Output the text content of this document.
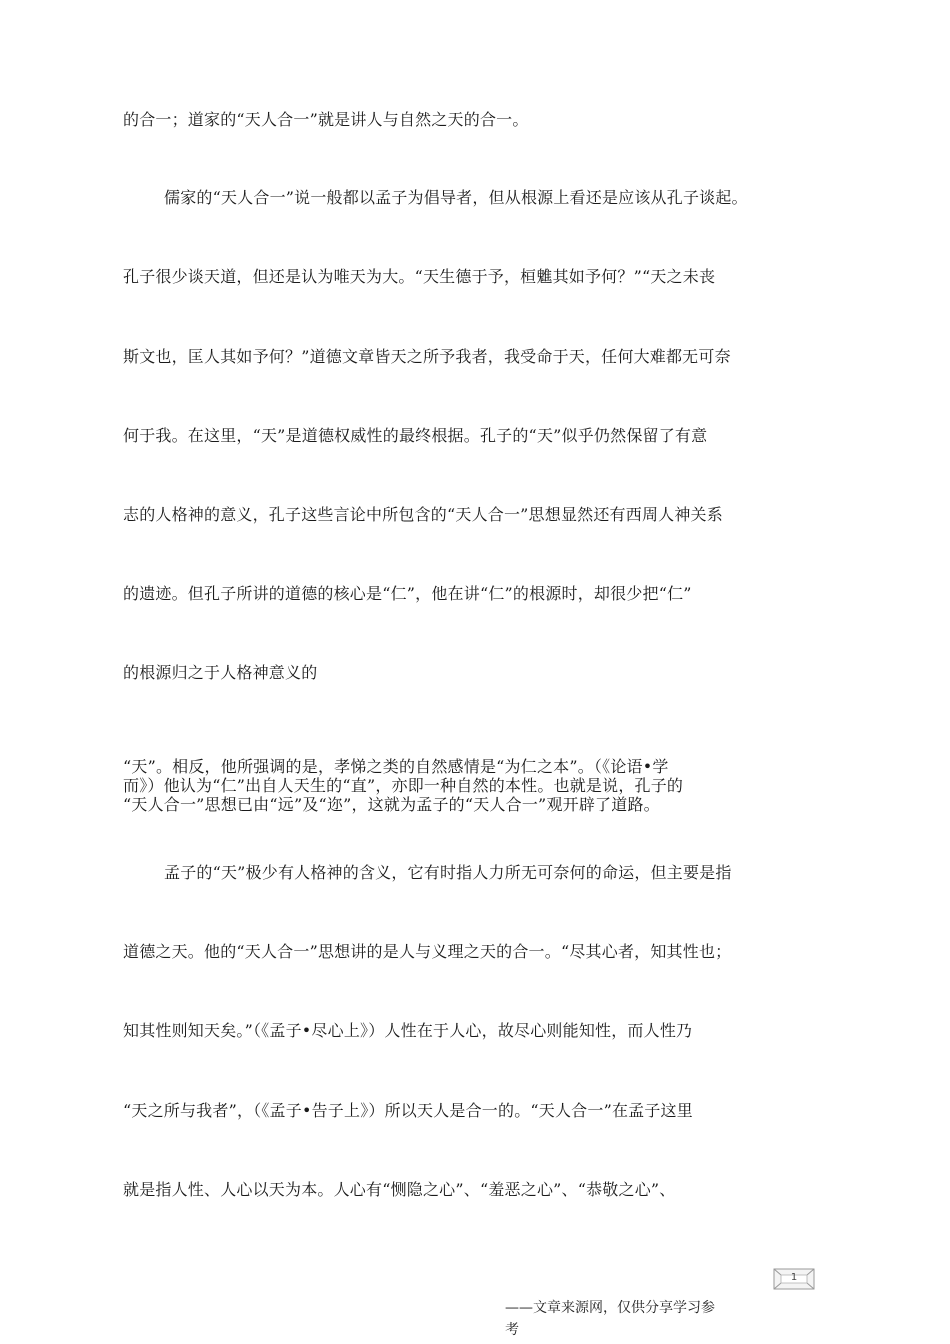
的合一；道家的“天人合一”就是讲人与自然之天的合一。
儒家的“天人合一”说一般都以孟子为倡导者，但从根源上看还是应该从孔子谈起。
孔子很少谈天道，但还是认为唯天为大。“天生德于予，桓魋其如予何？”“天之未丧
斯文也，匡人其如予何？”道德文章皆天之所予我者，我受命于天，任何大难都无可奈
何于我。在这里，“天”是道德权威性的最终根据。孔子的“天”似乎仍然保留了有意
志的人格神的意义，孔子这些言论中所包含的“天人合一”思想显然还有西周人神关系
的遗迹。但孔子所讲的道德的核心是“仁”，他在讲“仁”的根源时，却很少把“仁”
的根源归之于人格神意义的
“天”。相反，他所强调的是，孝悌之类的自然感情是“为仁之本”。（《论语•学
而》）他认为“仁”出自人天生的“直”，亦即一种自然的本性。也就是说，孔子的
“天人合一”思想已由“远”及“迩”，这就为孟子的“天人合一”观开辟了道路。
孟子的“天”极少有人格神的含义，它有时指人力所无可奈何的命运，但主要是指
道德之天。他的“天人合一”思想讲的是人与义理之天的合一。“尽其心者，知其性也；
知其性则知天矣。”（《孟子•尽心上》）人性在于人心，故尽心则能知性，而人性乃
“天之所与我者”，（《孟子•告子上》）所以天人是合一的。“天人合一”在孟子这里
就是指人性、人心以天为本。人心有“恻隐之心”、“羞恶之心”、“恭敬之心”、
1
——文章来源网，仅供分享学习参
考
